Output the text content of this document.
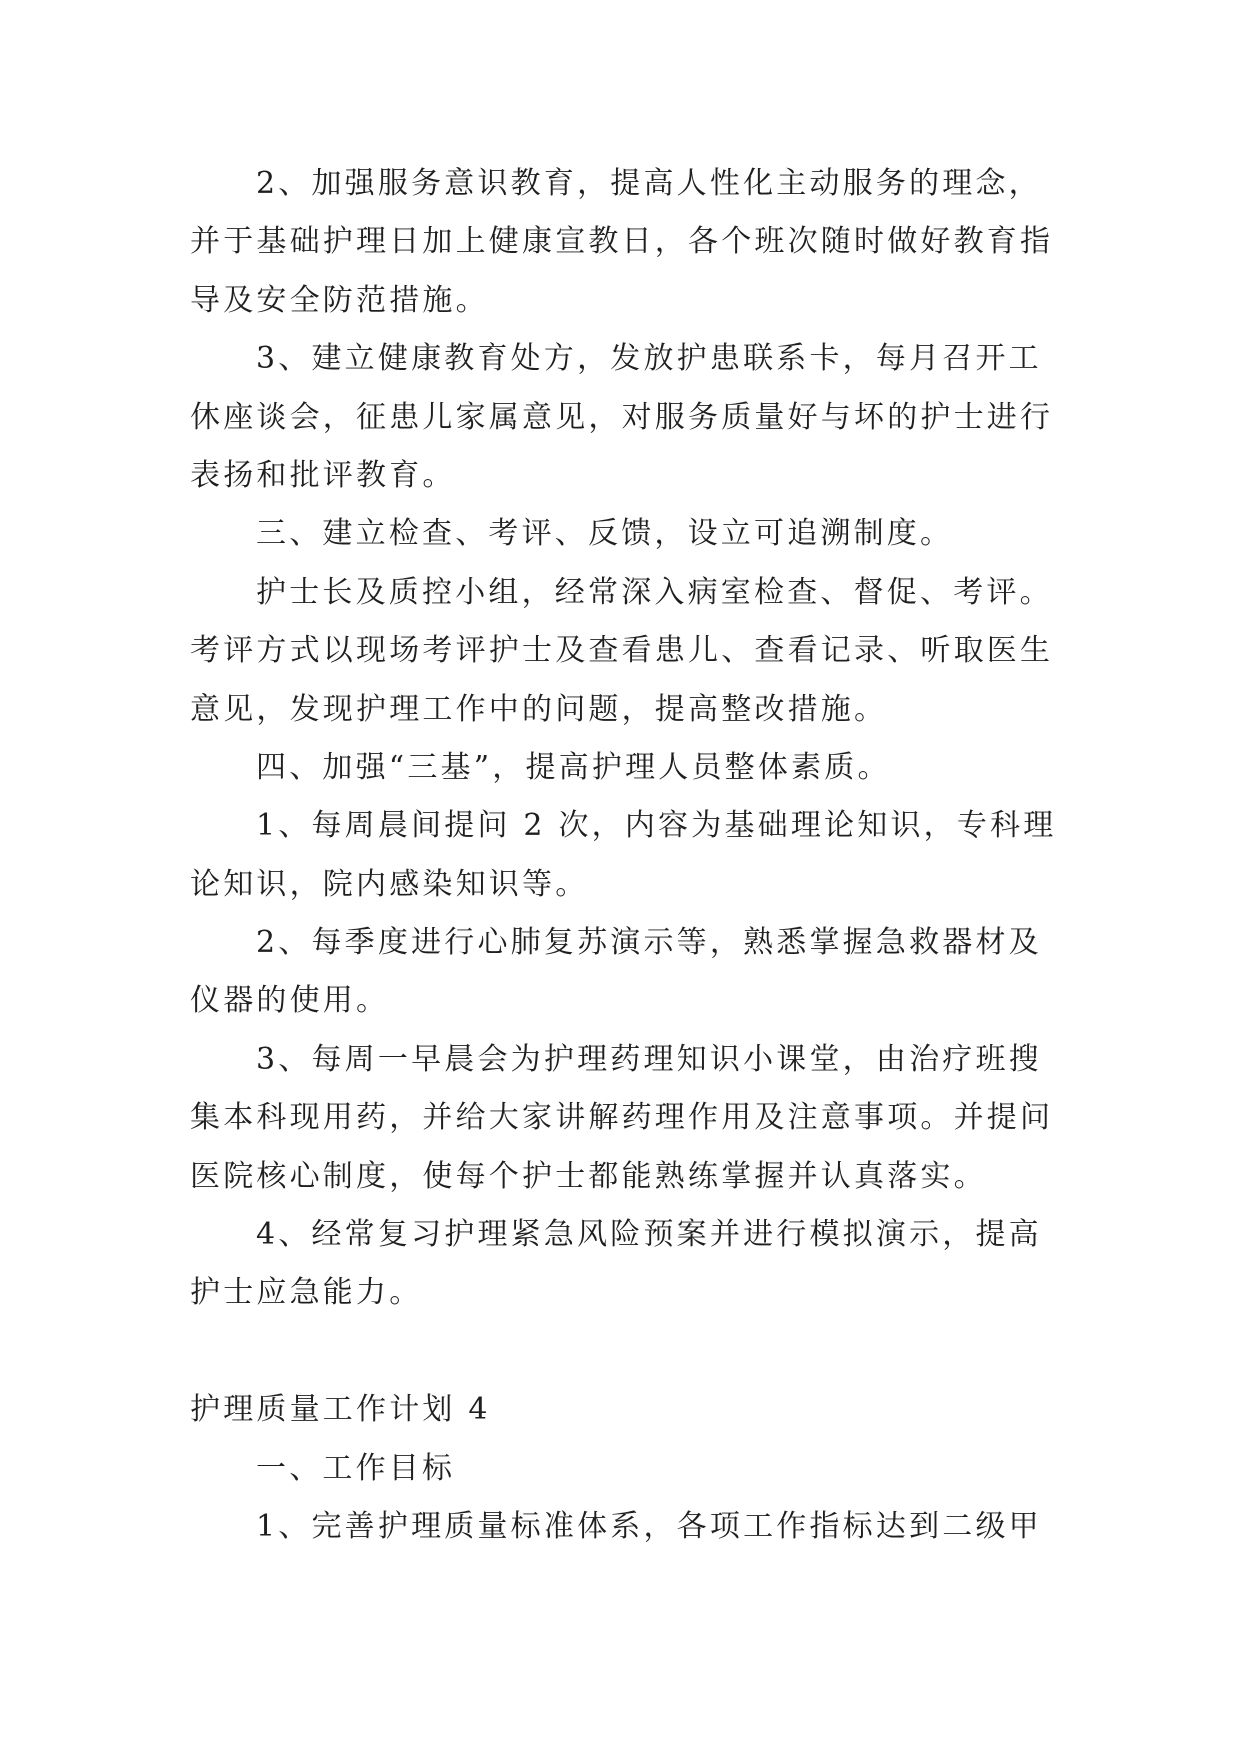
2、加强服务意识教育，提高人性化主动服务的理念，
并于基础护理日加上健康宣教日，各个班次随时做好教育指
导及安全防范措施。
3、建立健康教育处方，发放护患联系卡，每月召开工
休座谈会，征患儿家属意见，对服务质量好与坏的护士进行
表扬和批评教育。
三、建立检查、考评、反馈，设立可追溯制度。
护士长及质控小组，经常深入病室检查、督促、考评。
考评方式以现场考评护士及查看患儿、查看记录、听取医生
意见，发现护理工作中的问题，提高整改措施。
四、加强“三基”，提高护理人员整体素质。
1、每周晨间提问 2 次，内容为基础理论知识，专科理
论知识，院内感染知识等。
2、每季度进行心肺复苏演示等，熟悉掌握急救器材及
仪器的使用。
3、每周一早晨会为护理药理知识小课堂，由治疗班搜
集本科现用药，并给大家讲解药理作用及注意事项。并提问
医院核心制度，使每个护士都能熟练掌握并认真落实。
4、经常复习护理紧急风险预案并进行模拟演示，提高
护士应急能力。
护理质量工作计划 4
一、工作目标
1、完善护理质量标准体系，各项工作指标达到二级甲
